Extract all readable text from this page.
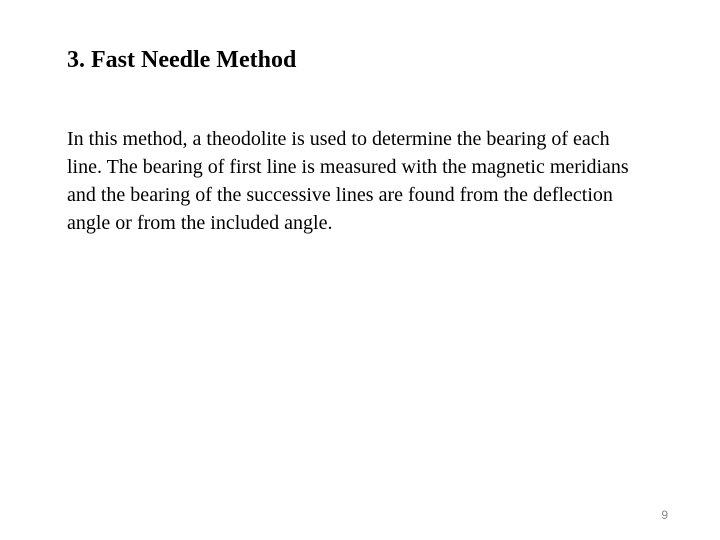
3. Fast Needle Method
In this method, a theodolite is used to determine the bearing of each
line. The bearing of first line is measured with the magnetic meridians
and the bearing of the successive lines are found from the deflection
angle or from the included angle.
9
